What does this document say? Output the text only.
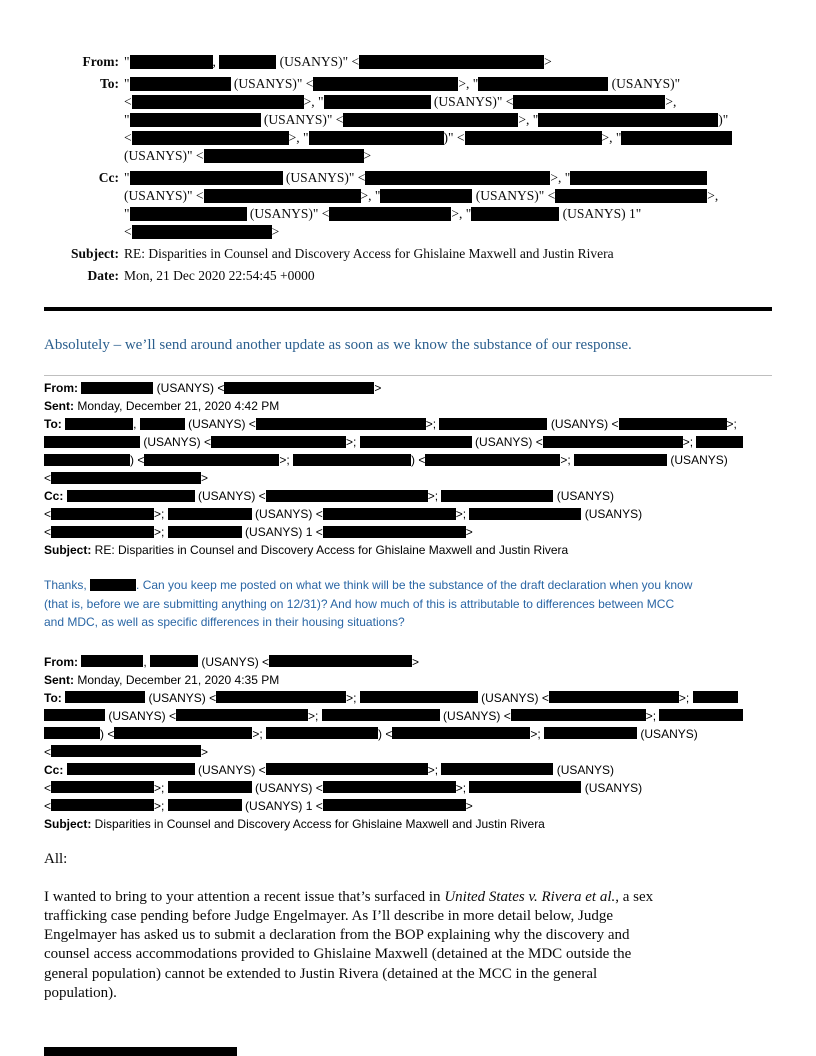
From: "	,	(USANYS)" <	>
To: "	(USANYS)" <	>, "	(USANYS)"
<	>, "	(USANYS)" <	>,
"	(USANYS)" <	>, "	)"
<	>, "	)" <	>, "
(USANYS)" <	>
Cc: "	(USANYS)" <	>, "
(USANYS)" <	>, "	(USANYS)" <	>,
"	(USANYS)" <	>, "	(USANYS) 1"
<	>
Subject: RE: Disparities in Counsel and Discovery Access for Ghislaine Maxwell and Justin Rivera
Date: Mon, 21 Dec 2020 22:54:45 +0000

Absolutely – we’ll send around another update as soon as we know the substance of our response.

From:	(USANYS) <	>
Sent: Monday, December 21, 2020 4:42 PM
To:	,	(USANYS) <	>;	(USANYS) <	>;
(USANYS) <	>;	(USANYS) <	>;
) <	>;	) <	>;	(USANYS)
<	>
Cc:	(USANYS) <	>;	(USANYS)
<	>;	(USANYS) <	>;	(USANYS)
<	>;	(USANYS) 1 <	>
Subject: RE: Disparities in Counsel and Discovery Access for Ghislaine Maxwell and Justin Rivera

Thanks,	. Can you keep me posted on what we think will be the substance of the draft declaration when you know
(that is, before we are submitting anything on 12/31)? And how much of this is attributable to differences between MCC
and MDC, as well as specific differences in their housing situations?

From:	,	(USANYS) <	>
Sent: Monday, December 21, 2020 4:35 PM
To:	(USANYS) <	>;	(USANYS) <	>;
(USANYS) <	>;	(USANYS) <	>;
) <	>;	) <	>;	(USANYS)
<	>
Cc:	(USANYS) <	>;	(USANYS)
<	>;	(USANYS) <	>;	(USANYS)
<	>;	(USANYS) 1 <	>
Subject: Disparities in Counsel and Discovery Access for Ghislaine Maxwell and Justin Rivera

All:

I wanted to bring to your attention a recent issue that’s surfaced in United States v. Rivera et al., a sex
trafficking case pending before Judge Engelmayer. As I’ll describe in more detail below, Judge
Engelmayer has asked us to submit a declaration from the BOP explaining why the discovery and
counsel access accommodations provided to Ghislaine Maxwell (detained at the MDC outside the
general population) cannot be extended to Justin Rivera (detained at the MCC in the general
population).
